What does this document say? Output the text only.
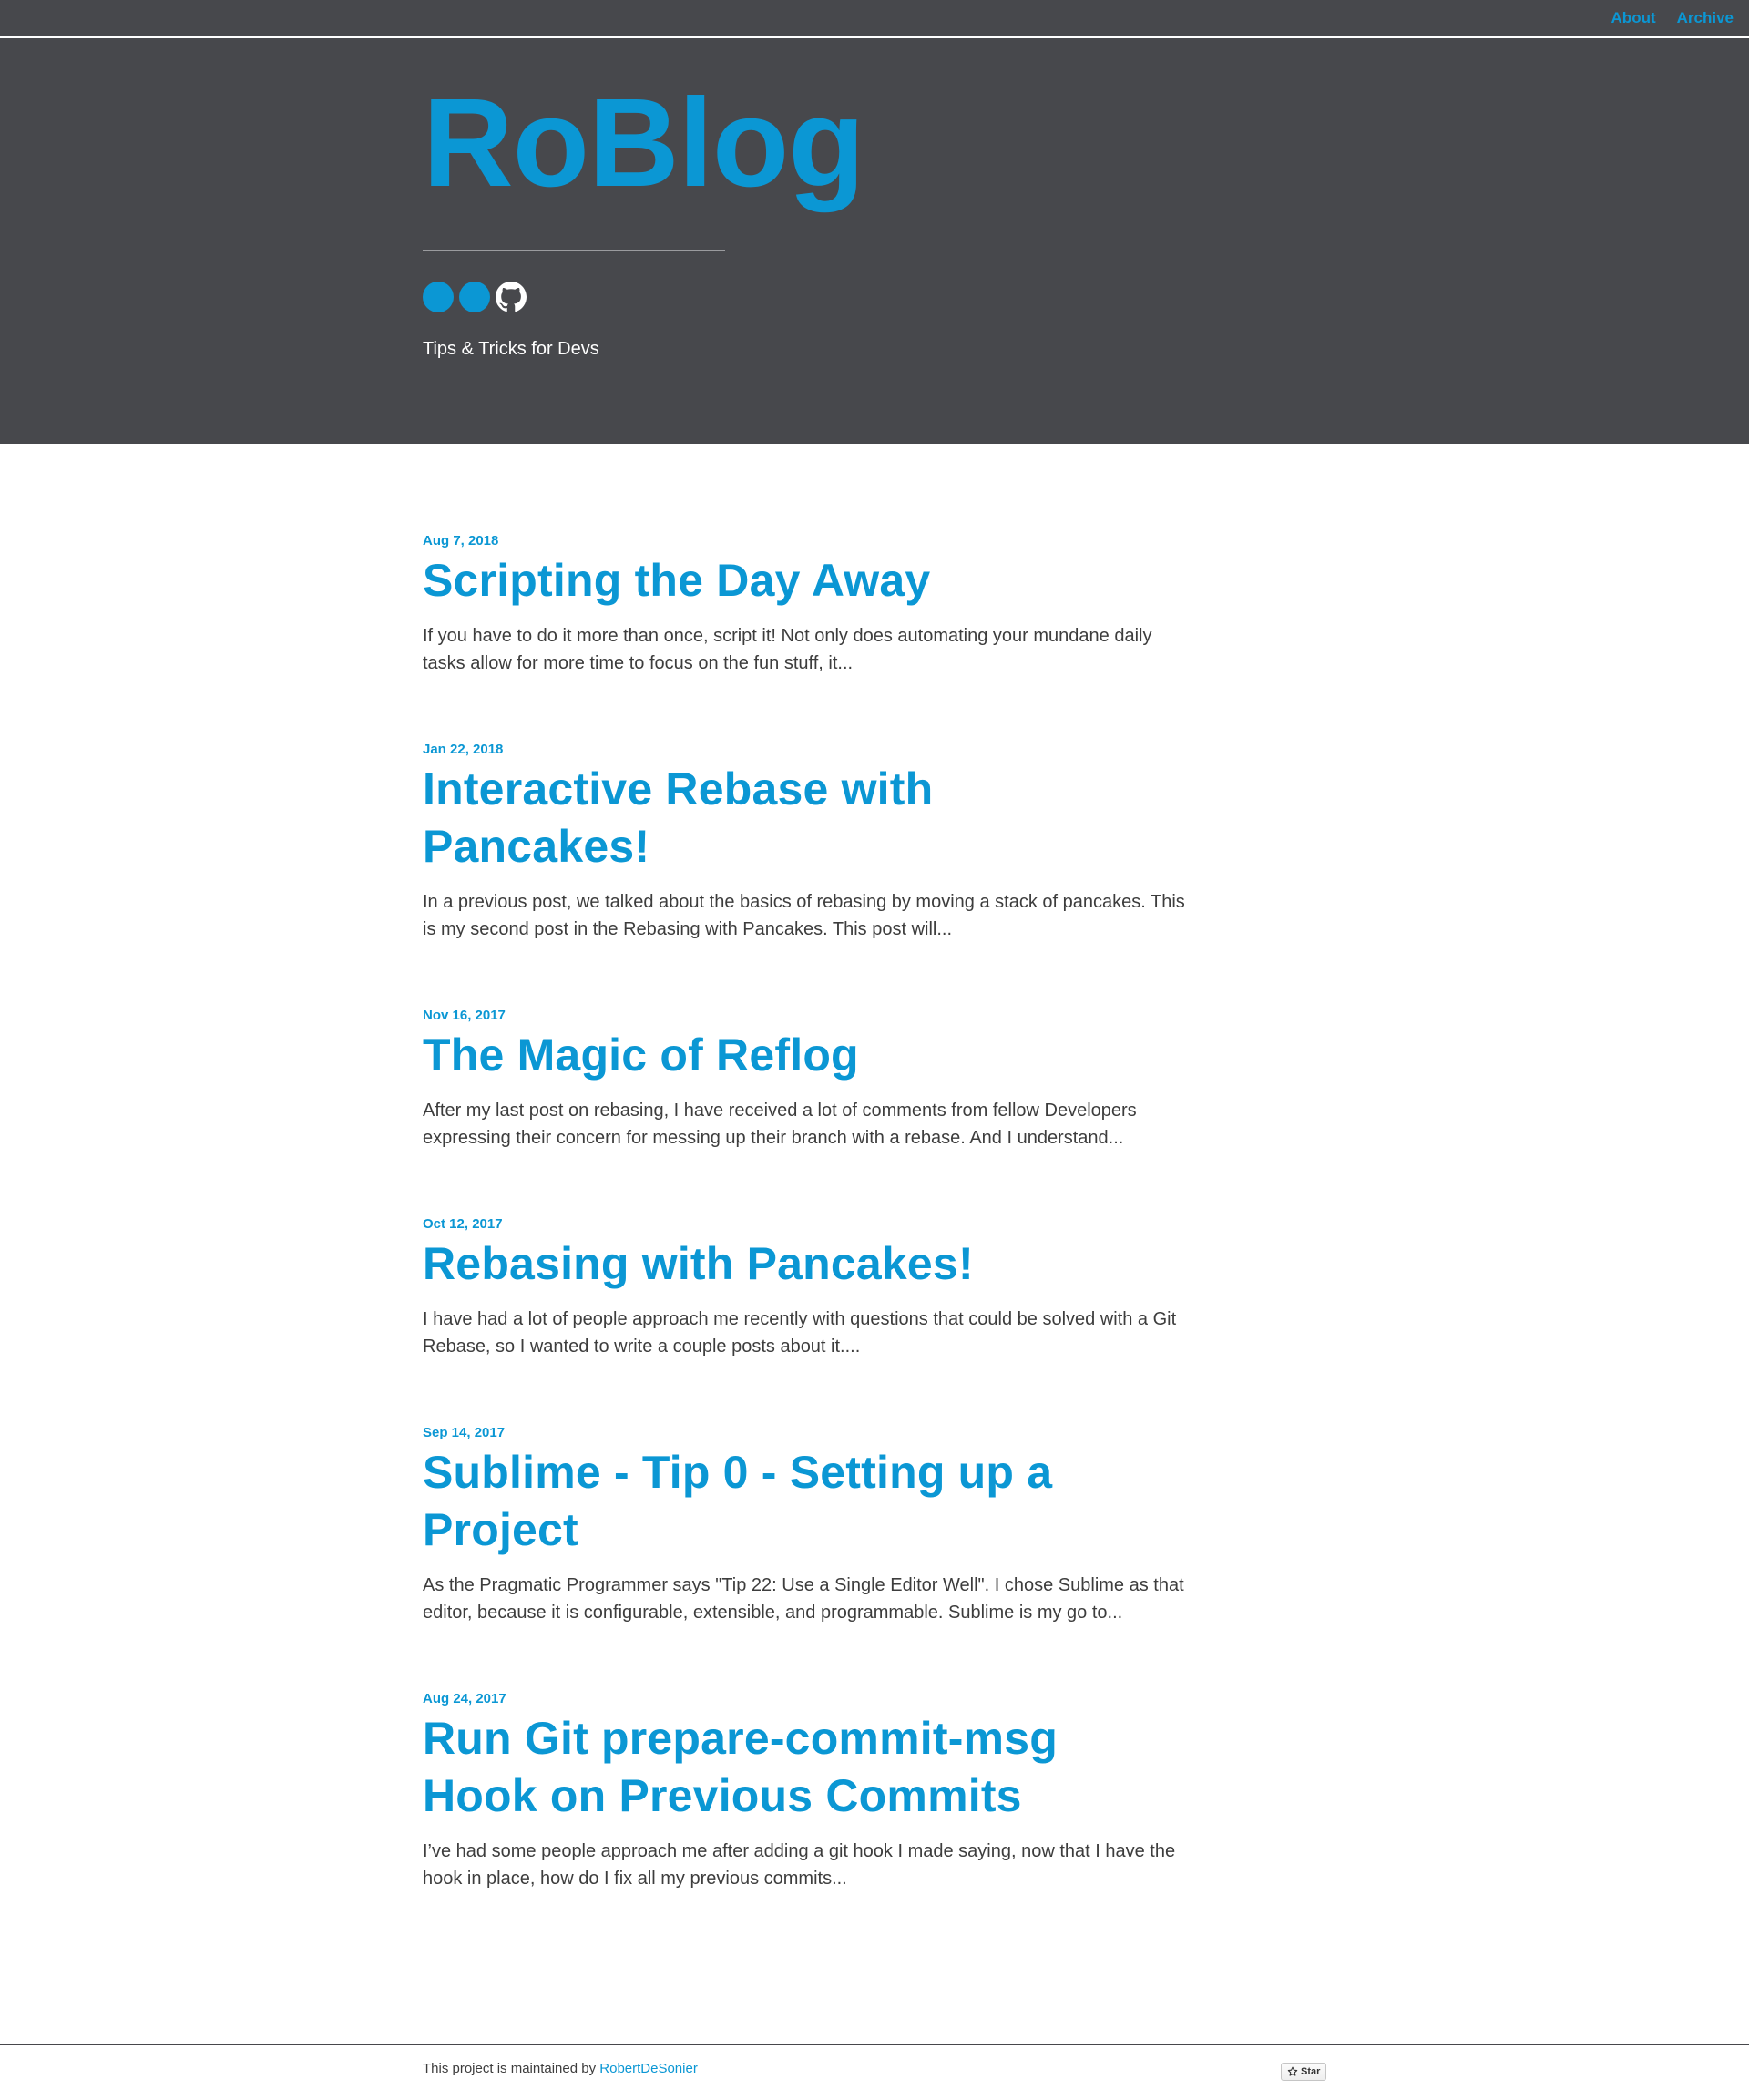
About Archive
RoBlog

Tips & Tricks for Devs

Aug 7, 2018
Scripting the Day Away

If you have to do it more than once, script it! Not only does automating your mundane daily tasks allow for more time to focus on the fun stuff, it...

Jan 22, 2018
Interactive Rebase with Pancakes!

In a previous post, we talked about the basics of rebasing by moving a stack of pancakes. This is my second post in the Rebasing with Pancakes. This post will...

Nov 16, 2017
The Magic of Reflog

After my last post on rebasing, I have received a lot of comments from fellow Developers expressing their concern for messing up their branch with a rebase. And I understand...

Oct 12, 2017
Rebasing with Pancakes!

I have had a lot of people approach me recently with questions that could be solved with a Git Rebase, so I wanted to write a couple posts about it....

Sep 14, 2017
Sublime - Tip 0 - Setting up a Project

As the Pragmatic Programmer says "Tip 22: Use a Single Editor Well". I chose Sublime as that editor, because it is configurable, extensible, and programmable. Sublime is my go to...

Aug 24, 2017
Run Git prepare-commit-msg Hook on Previous Commits

I’ve had some people approach me after adding a git hook I made saying, now that I have the hook in place, how do I fix all my previous commits...

This project is maintained by RobertDeSonier	Star
